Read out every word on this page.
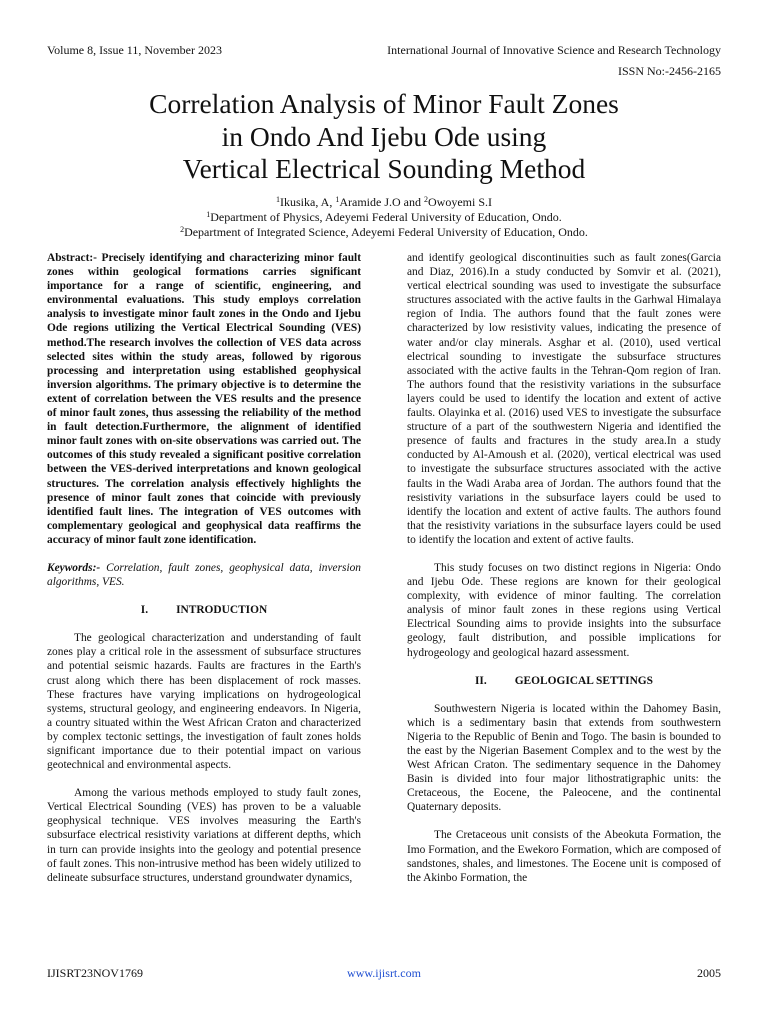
Volume 8, Issue 11, November 2023	International Journal of Innovative Science and Research Technology
ISSN No:-2456-2165
Correlation Analysis of Minor Fault Zones
in Ondo And Ijebu Ode using
Vertical Electrical Sounding Method
$^1$Ikusika, A, $^1$Aramide J.O and $^2$Owoyemi S.I
$^1$Department of Physics, Adeyemi Federal University of Education, Ondo.
$^2$Department of Integrated Science, Adeyemi Federal University of Education, Ondo.

Abstract:- Precisely identifying and characterizing minor fault zones within geological formations carries significant importance for a range of scientific, engineering, and environmental evaluations. This study employs correlation analysis to investigate minor fault zones in the Ondo and Ijebu Ode regions utilizing the Vertical Electrical Sounding (VES) method.The research involves the collection of VES data across selected sites within the study areas, followed by rigorous processing and interpretation using established geophysical inversion algorithms. The primary objective is to determine the extent of correlation between the VES results and the presence of minor fault zones, thus assessing the reliability of the method in fault detection.Furthermore, the alignment of identified minor fault zones with on-site observations was carried out. The outcomes of this study revealed a significant positive correlation between the VES-derived interpretations and known geological structures. The correlation analysis effectively highlights the presence of minor fault zones that coincide with previously identified fault lines. The integration of VES outcomes with complementary geological and geophysical data reaffirms the accuracy of minor fault zone identification.

Keywords:- Correlation, fault zones, geophysical data, inversion algorithms, VES.

I. INTRODUCTION

The geological characterization and understanding of fault zones play a critical role in the assessment of subsurface structures and potential seismic hazards. Faults are fractures in the Earth's crust along which there has been displacement of rock masses. These fractures have varying implications on hydrogeological systems, structural geology, and engineering endeavors. In Nigeria, a country situated within the West African Craton and characterized by complex tectonic settings, the investigation of fault zones holds significant importance due to their potential impact on various geotechnical and environmental aspects.

Among the various methods employed to study fault zones, Vertical Electrical Sounding (VES) has proven to be a valuable geophysical technique. VES involves measuring the Earth's subsurface electrical resistivity variations at different depths, which in turn can provide insights into the geology and potential presence of fault zones. This non-intrusive method has been widely utilized to delineate subsurface structures, understand groundwater dynamics,

and identify geological discontinuities such as fault zones(Garcia and Diaz, 2016).In a study conducted by Somvir et al. (2021), vertical electrical sounding was used to investigate the subsurface structures associated with the active faults in the Garhwal Himalaya region of India. The authors found that the fault zones were characterized by low resistivity values, indicating the presence of water and/or clay minerals. Asghar et al. (2010), used vertical electrical sounding to investigate the subsurface structures associated with the active faults in the Tehran-Qom region of Iran. The authors found that the resistivity variations in the subsurface layers could be used to identify the location and extent of active faults. Olayinka et al. (2016) used VES to investigate the subsurface structure of a part of the southwestern Nigeria and identified the presence of faults and fractures in the study area.In a study conducted by Al-Amoush et al. (2020), vertical electrical was used to investigate the subsurface structures associated with the active faults in the Wadi Araba area of Jordan. The authors found that the resistivity variations in the subsurface layers could be used to identify the location and extent of active faults. The authors found that the resistivity variations in the subsurface layers could be used to identify the location and extent of active faults.

This study focuses on two distinct regions in Nigeria: Ondo and Ijebu Ode. These regions are known for their geological complexity, with evidence of minor faulting. The correlation analysis of minor fault zones in these regions using Vertical Electrical Sounding aims to provide insights into the subsurface geology, fault distribution, and possible implications for hydrogeology and geological hazard assessment.

II. GEOLOGICAL SETTINGS

Southwestern Nigeria is located within the Dahomey Basin, which is a sedimentary basin that extends from southwestern Nigeria to the Republic of Benin and Togo. The basin is bounded to the east by the Nigerian Basement Complex and to the west by the West African Craton. The sedimentary sequence in the Dahomey Basin is divided into four major lithostratigraphic units: the Cretaceous, the Eocene, the Paleocene, and the continental Quaternary deposits.

The Cretaceous unit consists of the Abeokuta Formation, the Imo Formation, and the Ewekoro Formation, which are composed of sandstones, shales, and limestones. The Eocene unit is composed of the Akinbo Formation, the

IJISRT23NOV1769	www.ijisrt.com	2005
